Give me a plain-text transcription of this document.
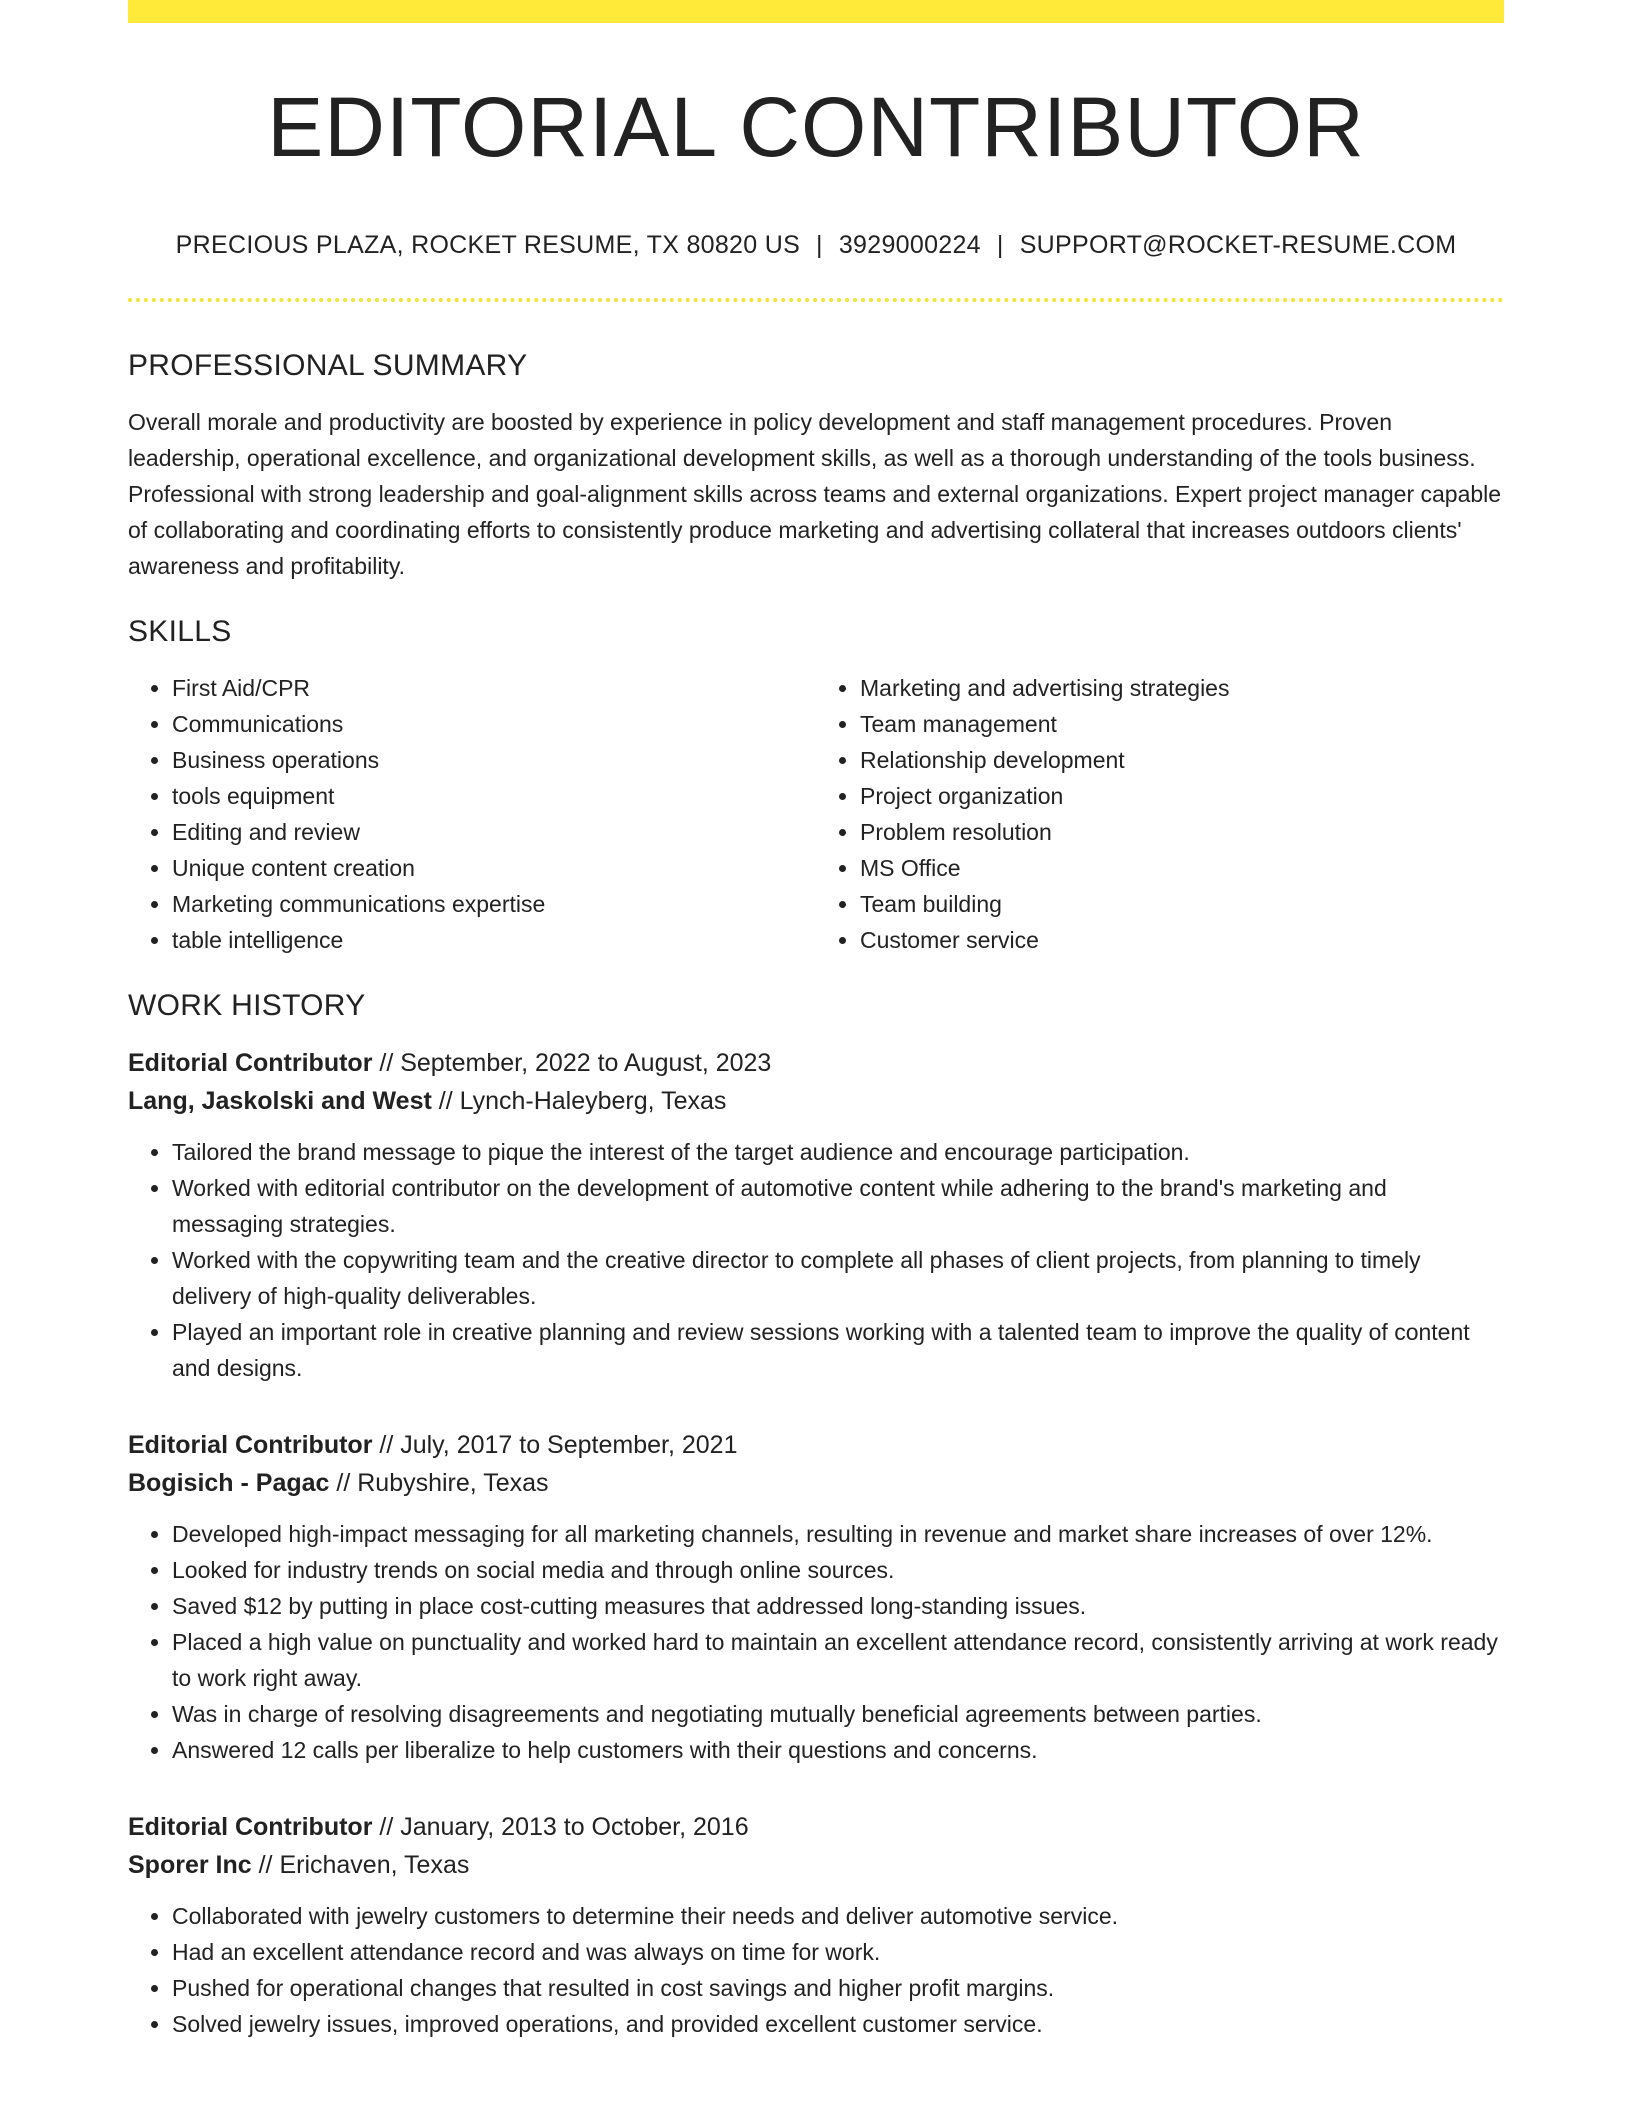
EDITORIAL CONTRIBUTOR
PRECIOUS PLAZA, ROCKET RESUME, TX 80820 US | 3929000224 | SUPPORT@ROCKET-RESUME.COM
PROFESSIONAL SUMMARY

Overall morale and productivity are boosted by experience in policy development and staff management procedures. Proven leadership, operational excellence, and organizational development skills, as well as a thorough understanding of the tools business. Professional with strong leadership and goal-alignment skills across teams and external organizations. Expert project manager capable of collaborating and coordinating efforts to consistently produce marketing and advertising collateral that increases outdoors clients' awareness and profitability.

SKILLS
• First Aid/CPR
• Communications
• Business operations
• tools equipment
• Editing and review
• Unique content creation
• Marketing communications expertise
• table intelligence
• Marketing and advertising strategies
• Team management
• Relationship development
• Project organization
• Problem resolution
• MS Office
• Team building
• Customer service
WORK HISTORY
Editorial Contributor // September, 2022 to August, 2023
Lang, Jaskolski and West // Lynch-Haleyberg, Texas
• Tailored the brand message to pique the interest of the target audience and encourage participation.
• Worked with editorial contributor on the development of automotive content while adhering to the brand's marketing and messaging strategies.
• Worked with the copywriting team and the creative director to complete all phases of client projects, from planning to timely delivery of high-quality deliverables.
• Played an important role in creative planning and review sessions working with a talented team to improve the quality of content and designs.
Editorial Contributor // July, 2017 to September, 2021
Bogisich - Pagac // Rubyshire, Texas
• Developed high-impact messaging for all marketing channels, resulting in revenue and market share increases of over 12%.
• Looked for industry trends on social media and through online sources.
• Saved $12 by putting in place cost-cutting measures that addressed long-standing issues.
• Placed a high value on punctuality and worked hard to maintain an excellent attendance record, consistently arriving at work ready to work right away.
• Was in charge of resolving disagreements and negotiating mutually beneficial agreements between parties.
• Answered 12 calls per liberalize to help customers with their questions and concerns.
Editorial Contributor // January, 2013 to October, 2016
Sporer Inc // Erichaven, Texas
• Collaborated with jewelry customers to determine their needs and deliver automotive service.
• Had an excellent attendance record and was always on time for work.
• Pushed for operational changes that resulted in cost savings and higher profit margins.
• Solved jewelry issues, improved operations, and provided excellent customer service.
